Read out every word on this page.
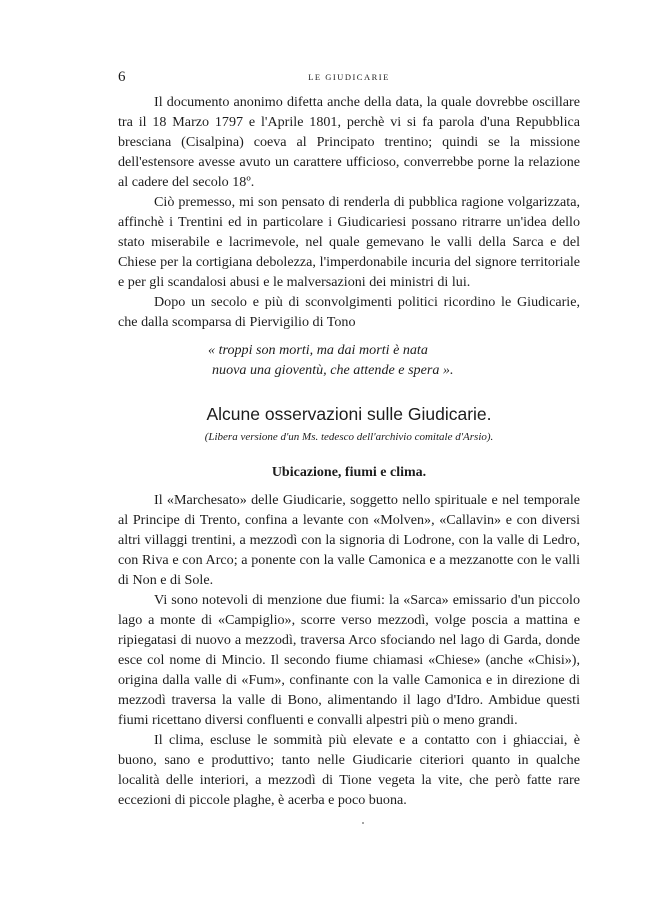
6	LE GIUDICARIE

Il documento anonimo difetta anche della data, la quale dovrebbe oscillare tra il 18 Marzo 1797 e l'Aprile 1801, perchè vi si fa parola d'una Repubblica bresciana (Cisalpina) coeva al Principato trentino; quindi se la missione dell'estensore avesse avuto un carattere ufficioso, converrebbe porne la relazione al cadere del secolo 18º.

Ciò premesso, mi son pensato di renderla di pubblica ragione volgarizzata, affinchè i Trentini ed in particolare i Giudicariesi possano ritrarre un'idea dello stato miserabile e lacrimevole, nel quale gemevano le valli della Sarca e del Chiese per la cortigiana debolezza, l'imperdonabile incuria del signore territoriale e per gli scandalosi abusi e le malversazioni dei ministri di lui.

Dopo un secolo e più di sconvolgimenti politici ricordino le Giudicarie, che dalla scomparsa di Piervigilio di Tono

« troppi son morti, ma dai morti è nata
nuova una gioventù, che attende e spera ».
Alcune osservazioni sulle Giudicarie.
(Libera versione d'un Ms. tedesco dell'archivio comitale d'Arsio).
Ubicazione, fiumi e clima.

Il «Marchesato» delle Giudicarie, soggetto nello spirituale e nel temporale al Principe di Trento, confina a levante con «Molven», «Callavin» e con diversi altri villaggi trentini, a mezzodì con la signoria di Lodrone, con la valle di Ledro, con Riva e con Arco; a ponente con la valle Camonica e a mezzanotte con le valli di Non e di Sole.

Vi sono notevoli di menzione due fiumi: la «Sarca» emissario d'un piccolo lago a monte di «Campiglio», scorre verso mezzodì, volge poscia a mattina e ripiegatasi di nuovo a mezzodì, traversa Arco sfociando nel lago di Garda, donde esce col nome di Mincio. Il secondo fiume chiamasi «Chiese» (anche «Chisi»), origina dalla valle di «Fum», confinante con la valle Camonica e in direzione di mezzodì traversa la valle di Bono, alimentando il lago d'Idro. Ambidue questi fiumi ricettano diversi confluenti e convalli alpestri più o meno grandi.

Il clima, escluse le sommità più elevate e a contatto con i ghiacciai, è buono, sano e produttivo; tanto nelle Giudicarie citeriori quanto in qualche località delle interiori, a mezzodì di Tione vegeta la vite, che però fatte rare eccezioni di piccole plaghe, è acerba e poco buona.
